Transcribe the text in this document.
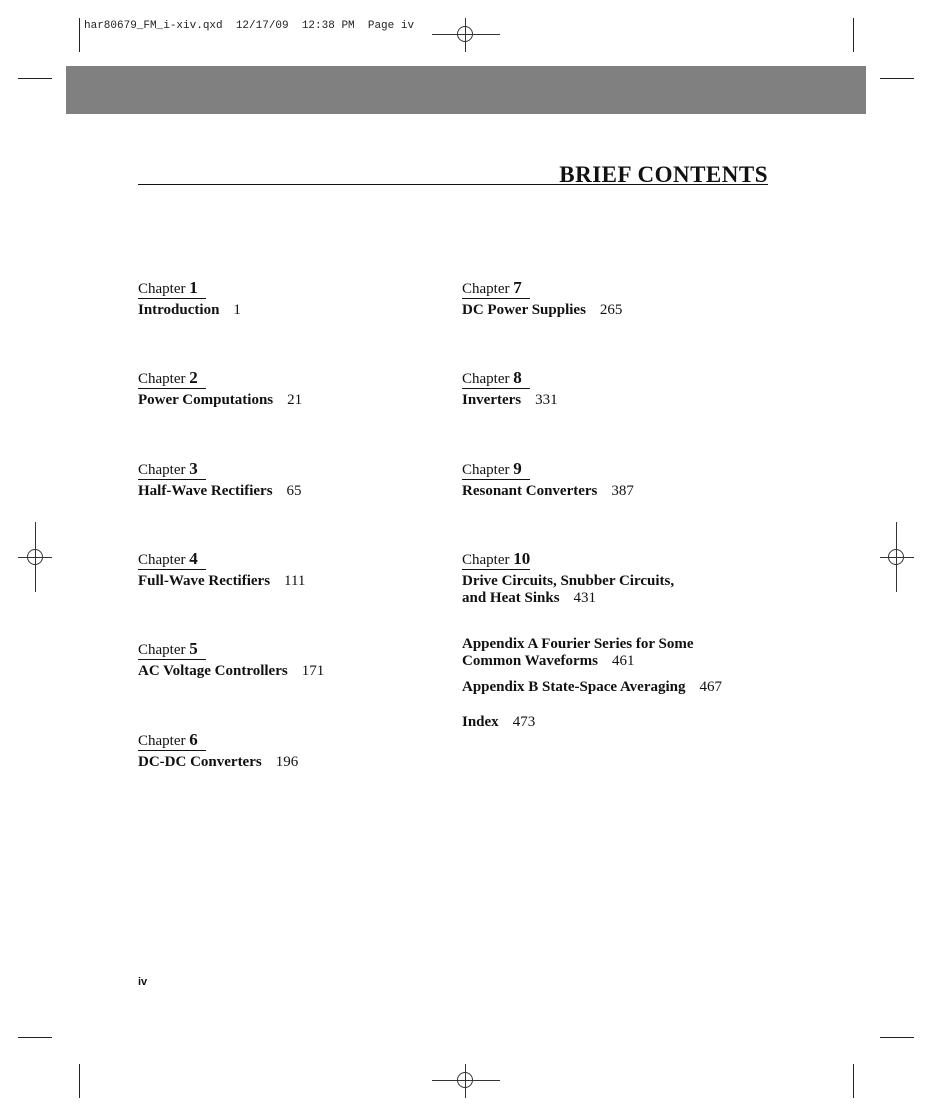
har80679_FM_i-xiv.qxd  12/17/09  12:38 PM  Page iv
BRIEF CONTENTS
Chapter 1
Introduction 1
Chapter 2
Power Computations 21
Chapter 3
Half-Wave Rectifiers 65
Chapter 4
Full-Wave Rectifiers 111
Chapter 5
AC Voltage Controllers 171
Chapter 6
DC-DC Converters 196
Chapter 7
DC Power Supplies 265
Chapter 8
Inverters 331
Chapter 9
Resonant Converters 387
Chapter 10
Drive Circuits, Snubber Circuits,
and Heat Sinks 431
Appendix A Fourier Series for Some
Common Waveforms 461
Appendix B State-Space Averaging 467
Index 473
iv
